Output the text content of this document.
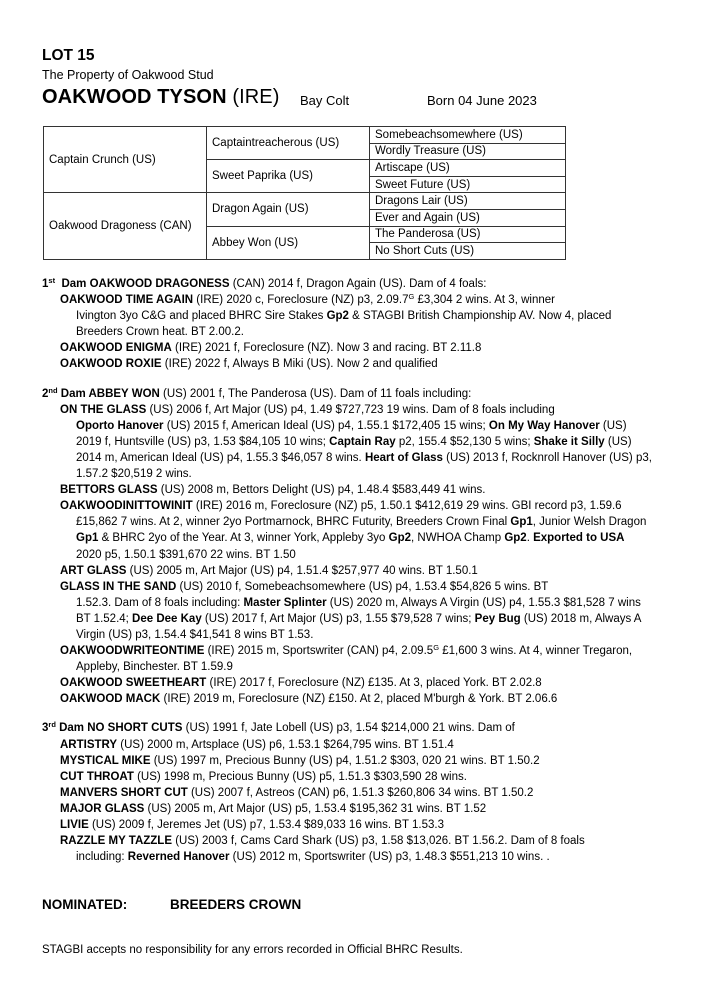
LOT 15
The Property of Oakwood Stud
OAKWOOD TYSON (IRE) Bay Colt	Born 04 June 2023
Captain Crunch (US)	Captaintreacherous (US)	Somebeachsomewhere (US)
		Wordly Treasure (US)
	Sweet Paprika (US)	Artiscape (US)
		Sweet Future (US)
Oakwood Dragoness (CAN)	Dragon Again (US)	Dragons Lair (US)
		Ever and Again (US)
	Abbey Won (US)	The Panderosa (US)
		No Short Cuts (US)

1st Dam OAKWOOD DRAGONESS (CAN) 2014 f, Dragon Again (US). Dam of 4 foals:

OAKWOOD TIME AGAIN (IRE) 2020 c, Foreclosure (NZ) p3, $2.09.7^G$ £3,304 2 wins. At 3, winner

Ivington 3yo C&G and placed BHRC Sire Stakes Gp2 & STAGBI British Championship AV. Now 4, placed

Breeders Crown heat. BT 2.00.2.

OAKWOOD ENIGMA (IRE) 2021 f, Foreclosure (NZ). Now 3 and racing. BT 2.11.8

OAKWOOD ROXIE (IRE) 2022 f, Always B Miki (US). Now 2 and qualified

2nd Dam ABBEY WON (US) 2001 f, The Panderosa (US). Dam of 11 foals including:

ON THE GLASS (US) 2006 f, Art Major (US) p4, 1.49 $727,723 19 wins. Dam of 8 foals including

Oporto Hanover (US) 2015 f, American Ideal (US) p4, 1.55.1 $172,405 15 wins; On My Way Hanover (US)

2019 f, Huntsville (US) p3, 1.53 $84,105 10 wins; Captain Ray p2, 155.4 $52,130 5 wins; Shake it Silly (US)

2014 m, American Ideal (US) p4, 1.55.3 $46,057 8 wins. Heart of Glass (US) 2013 f, Rocknroll Hanover (US) p3,

1.57.2 $20,519 2 wins.

BETTORS GLASS (US) 2008 m, Bettors Delight (US) p4, 1.48.4 $583,449 41 wins.

OAKWOODINITTOWINIT (IRE) 2016 m, Foreclosure (NZ) p5, 1.50.1 $412,619 29 wins. GBI record p3, 1.59.6

£15,862 7 wins. At 2, winner 2yo Portmarnock, BHRC Futurity, Breeders Crown Final Gp1, Junior Welsh Dragon

Gp1 & BHRC 2yo of the Year. At 3, winner York, Appleby 3yo Gp2, NWHOA Champ Gp2. Exported to USA

2020 p5, 1.50.1 $391,670 22 wins. BT 1.50

ART GLASS (US) 2005 m, Art Major (US) p4, 1.51.4 $257,977 40 wins. BT 1.50.1

GLASS IN THE SAND (US) 2010 f, Somebeachsomewhere (US) p4, 1.53.4 $54,826 5 wins. BT

1.52.3. Dam of 8 foals including: Master Splinter (US) 2020 m, Always A Virgin (US) p4, 1.55.3 $81,528 7 wins

BT 1.52.4; Dee Dee Kay (US) 2017 f, Art Major (US) p3, 1.55 $79,528 7 wins; Pey Bug (US) 2018 m, Always A

Virgin (US) p3, 1.54.4 $41,541 8 wins BT 1.53.

OAKWOODWRITEONTIME (IRE) 2015 m, Sportswriter (CAN) p4, $2.09.5^G$ £1,600 3 wins. At 4, winner Tregaron,

Appleby, Binchester. BT 1.59.9

OAKWOOD SWEETHEART (IRE) 2017 f, Foreclosure (NZ) £135. At 3, placed York. BT 2.02.8

OAKWOOD MACK (IRE) 2019 m, Foreclosure (NZ) £150. At 2, placed M'burgh & York. BT 2.06.6

3rd Dam NO SHORT CUTS (US) 1991 f, Jate Lobell (US) p3, 1.54 $214,000 21 wins. Dam of

ARTISTRY (US) 2000 m, Artsplace (US) p6, 1.53.1 $264,795 wins. BT 1.51.4

MYSTICAL MIKE (US) 1997 m, Precious Bunny (US) p4, 1.51.2 $303, 020 21 wins. BT 1.50.2

CUT THROAT (US) 1998 m, Precious Bunny (US) p5, 1.51.3 $303,590 28 wins.

MANVERS SHORT CUT (US) 2007 f, Astreos (CAN) p6, 1.51.3 $260,806 34 wins. BT 1.50.2

MAJOR GLASS (US) 2005 m, Art Major (US) p5, 1.53.4 $195,362 31 wins. BT 1.52

LIVIE (US) 2009 f, Jeremes Jet (US) p7, 1.53.4 $89,033 16 wins. BT 1.53.3

RAZZLE MY TAZZLE (US) 2003 f, Cams Card Shark (US) p3, 1.58 $13,026. BT 1.56.2. Dam of 8 foals

including: Reverned Hanover (US) 2012 m, Sportswriter (US) p3, 1.48.3 $551,213 10 wins. .

NOMINATED:	BREEDERS CROWN
STAGBI accepts no responsibility for any errors recorded in Official BHRC Results.
